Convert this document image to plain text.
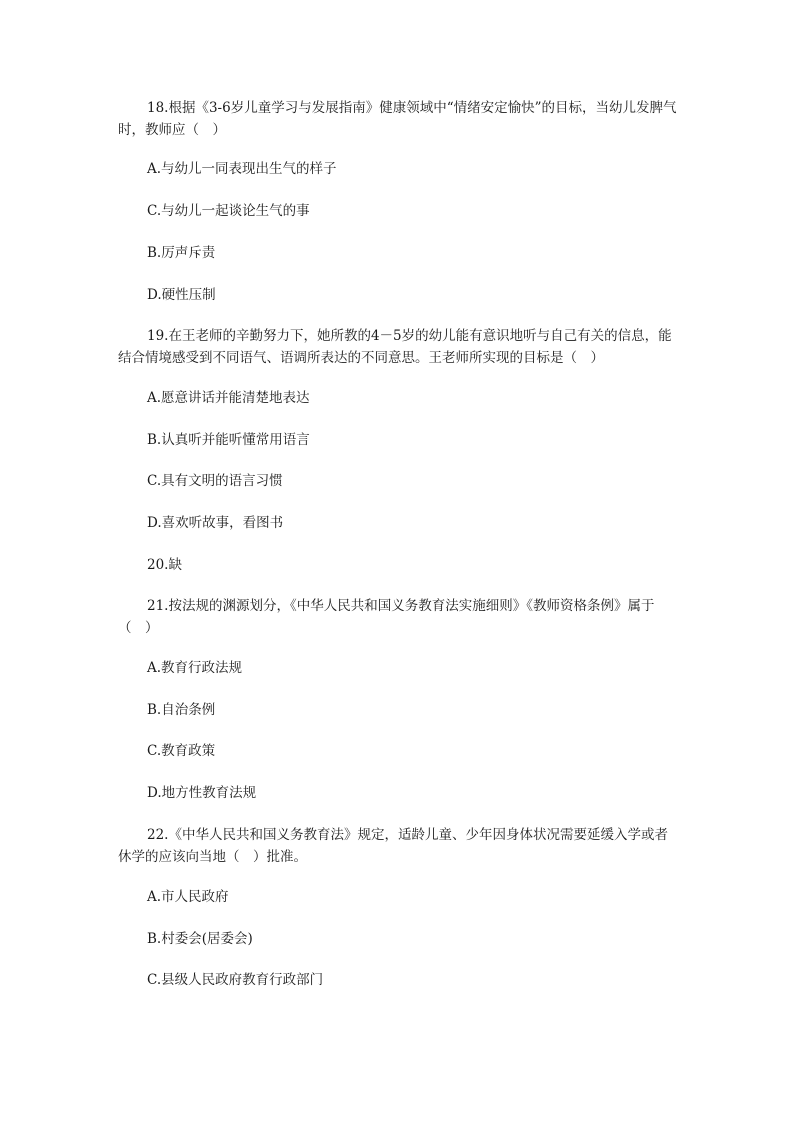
18.根据《3-6岁儿童学习与发展指南》健康领域中“情绪安定愉快”的目标，当幼儿发脾气时，教师应（　）
A.与幼儿一同表现出生气的样子
C.与幼儿一起谈论生气的事
B.厉声斥责
D.硬性压制
19.在王老师的辛勤努力下，她所教的4－5岁的幼儿能有意识地听与自己有关的信息，能结合情境感受到不同语气、语调所表达的不同意思。王老师所实现的目标是（　）
A.愿意讲话并能清楚地表达
B.认真听并能听懂常用语言
C.具有文明的语言习惯
D.喜欢听故事，看图书
20.缺
21.按法规的渊源划分，《中华人民共和国义务教育法实施细则》《教师资格条例》属于（　）
A.教育行政法规
B.自治条例
C.教育政策
D.地方性教育法规
22.《中华人民共和国义务教育法》规定，适龄儿童、少年因身体状况需要延缓入学或者休学的应该向当地（　）批准。
A.市人民政府
B.村委会(居委会)
C.县级人民政府教育行政部门
